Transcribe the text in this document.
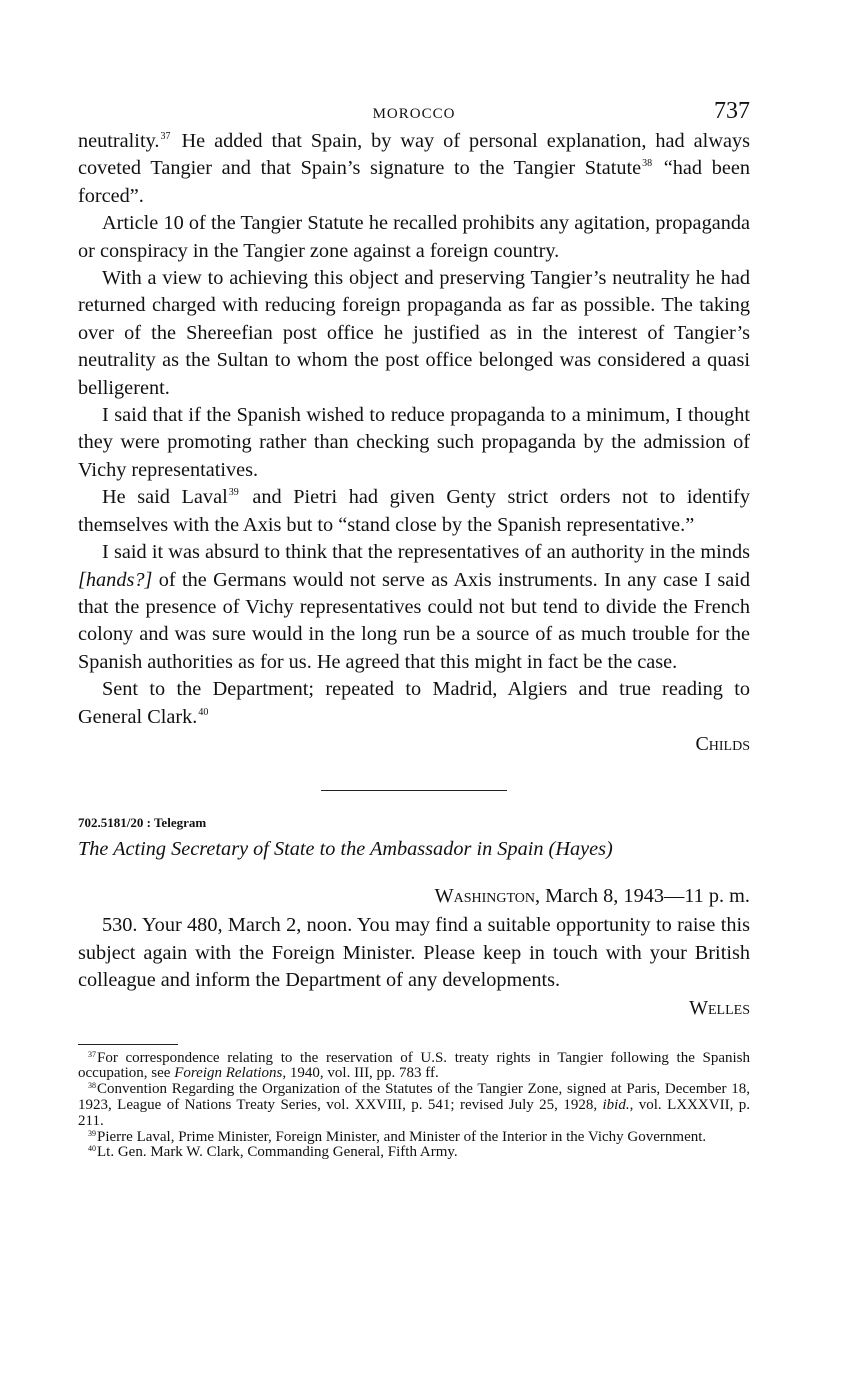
MOROCCO	737

neutrality.$^{37}$ He added that Spain, by way of personal explanation, had always coveted Tangier and that Spain’s signature to the Tangier Statute$^{38}$ “had been forced”.

Article 10 of the Tangier Statute he recalled prohibits any agitation, propaganda or conspiracy in the Tangier zone against a foreign country.

With a view to achieving this object and preserving Tangier’s neutrality he had returned charged with reducing foreign propaganda as far as possible. The taking over of the Shereefian post office he justified as in the interest of Tangier’s neutrality as the Sultan to whom the post office belonged was considered a quasi belligerent.

I said that if the Spanish wished to reduce propaganda to a minimum, I thought they were promoting rather than checking such propaganda by the admission of Vichy representatives.

He said Laval$^{39}$ and Pietri had given Genty strict orders not to identify themselves with the Axis but to “stand close by the Spanish representative.”

I said it was absurd to think that the representatives of an authority in the minds [hands?] of the Germans would not serve as Axis instruments. In any case I said that the presence of Vichy representatives could not but tend to divide the French colony and was sure would in the long run be a source of as much trouble for the Spanish authorities as for us. He agreed that this might in fact be the case.

Sent to the Department; repeated to Madrid, Algiers and true reading to General Clark.$^{40}$

Childs
702.5181/20 : Telegram
The Acting Secretary of State to the Ambassador in Spain (Hayes)
Washington, March 8, 1943—11 p. m.

530. Your 480, March 2, noon. You may find a suitable opportunity to raise this subject again with the Foreign Minister. Please keep in touch with your British colleague and inform the Department of any developments.

Welles

$^{37}$For correspondence relating to the reservation of U.S. treaty rights in Tangier following the Spanish occupation, see Foreign Relations, 1940, vol. III, pp. 783 ff.

$^{38}$Convention Regarding the Organization of the Statutes of the Tangier Zone, signed at Paris, December 18, 1923, League of Nations Treaty Series, vol. XXVIII, p. 541; revised July 25, 1928, ibid., vol. LXXXVII, p. 211.

$^{39}$Pierre Laval, Prime Minister, Foreign Minister, and Minister of the Interior in the Vichy Government.

$^{40}$Lt. Gen. Mark W. Clark, Commanding General, Fifth Army.
